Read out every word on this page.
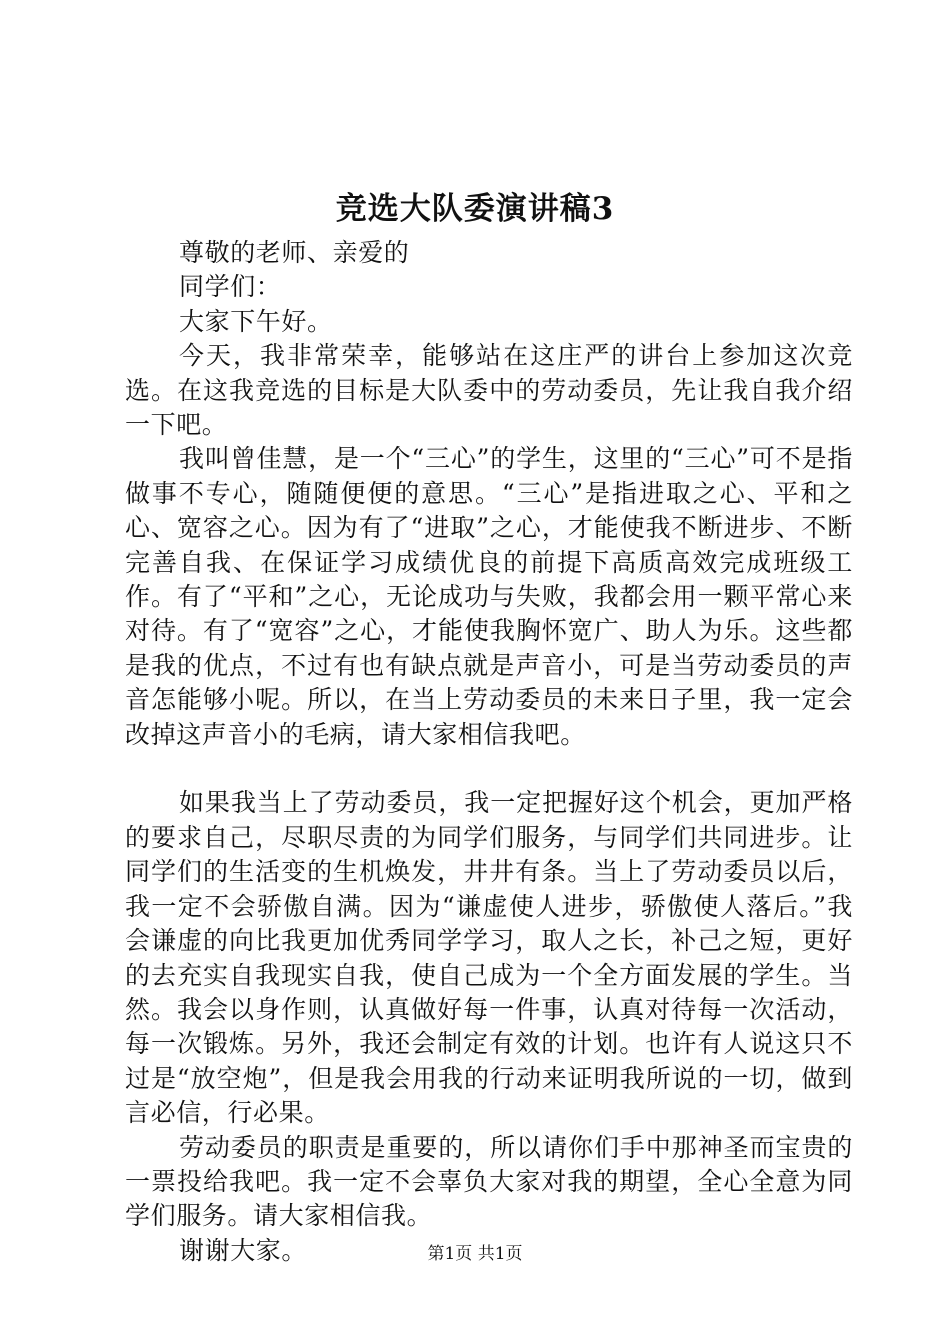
竞选大队委演讲稿3

尊敬的老师、亲爱的

同学们：

大家下午好。

今天，我非常荣幸，能够站在这庄严的讲台上参加这次竞选。在这我竞选的目标是大队委中的劳动委员，先让我自我介绍一下吧。

我叫曾佳慧，是一个“三心”的学生，这里的“三心”可不是指做事不专心，随随便便的意思。“三心”是指进取之心、平和之心、宽容之心。因为有了“进取”之心，才能使我不断进步、不断完善自我、在保证学习成绩优良的前提下高质高效完成班级工作。有了“平和”之心，无论成功与失败，我都会用一颗平常心来对待。有了“宽容”之心，才能使我胸怀宽广、助人为乐。这些都是我的优点，不过有也有缺点就是声音小，可是当劳动委员的声音怎能够小呢。所以，在当上劳动委员的未来日子里，我一定会改掉这声音小的毛病，请大家相信我吧。

如果我当上了劳动委员，我一定把握好这个机会，更加严格的要求自己，尽职尽责的为同学们服务，与同学们共同进步。让同学们的生活变的生机焕发，井井有条。当上了劳动委员以后，我一定不会骄傲自满。因为“谦虚使人进步，骄傲使人落后。”我会谦虚的向比我更加优秀同学学习，取人之长，补己之短，更好的去充实自我现实自我，使自己成为一个全方面发展的学生。当然。我会以身作则，认真做好每一件事，认真对待每一次活动，每一次锻炼。另外，我还会制定有效的计划。也许有人说这只不过是“放空炮”，但是我会用我的行动来证明我所说的一切，做到言必信，行必果。

劳动委员的职责是重要的，所以请你们手中那神圣而宝贵的一票投给我吧。我一定不会辜负大家对我的期望，全心全意为同学们服务。请大家相信我。

谢谢大家。	第1页 共1页
